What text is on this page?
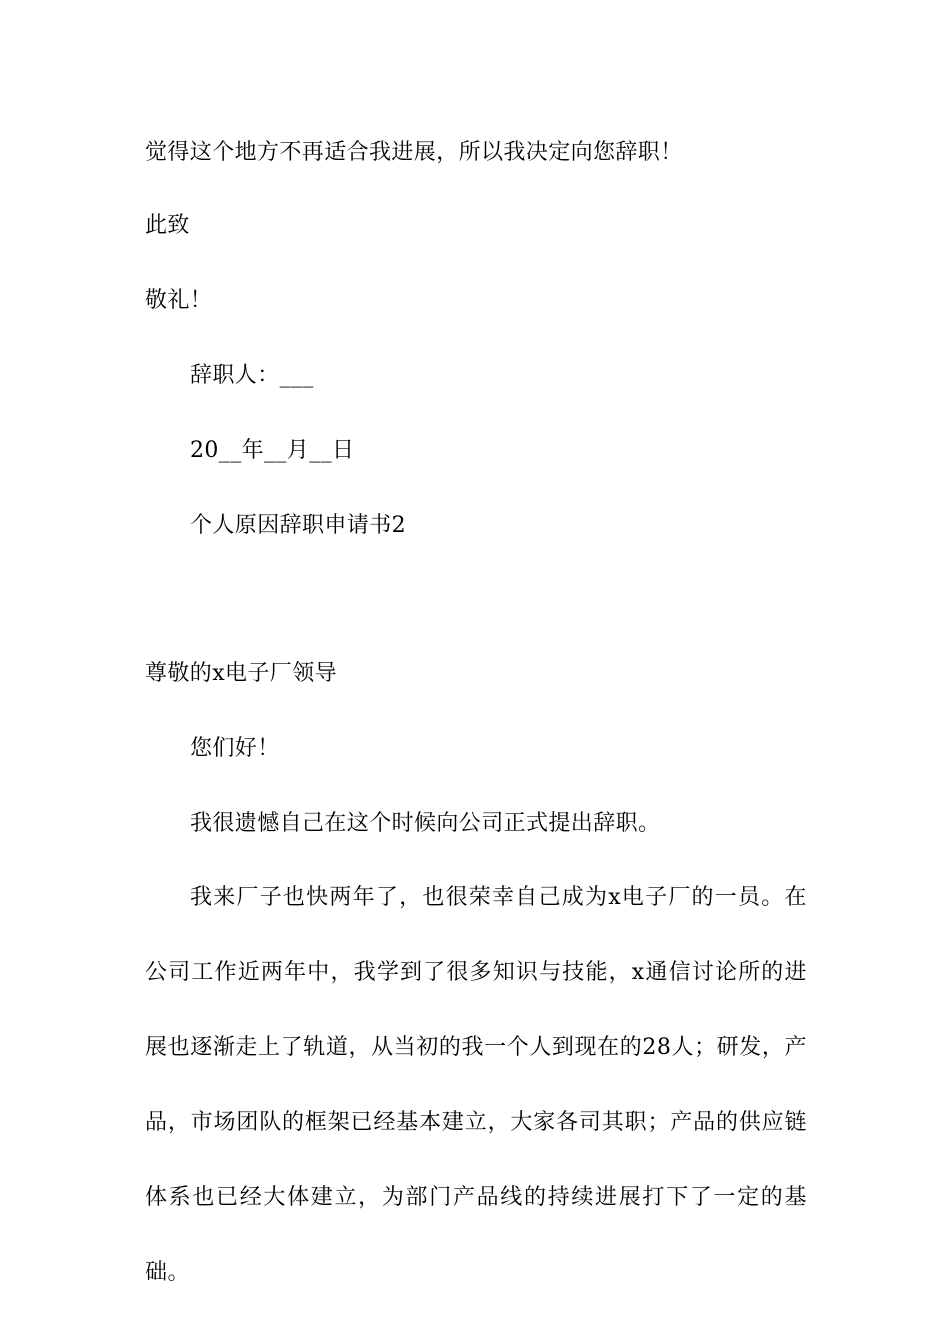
觉得这个地方不再适合我进展，所以我决定向您辞职！
此致
敬礼！
辞职人：___
20__年__月__日
个人原因辞职申请书2
尊敬的x电子厂领导
您们好！
我很遗憾自己在这个时候向公司正式提出辞职。
我来厂子也快两年了，也很荣幸自己成为x电子厂的一员。在公司工作近两年中，我学到了很多知识与技能，x通信讨论所的进展也逐渐走上了轨道，从当初的我一个人到现在的28人；研发，产品，市场团队的框架已经基本建立，大家各司其职；产品的供应链体系也已经大体建立，为部门产品线的持续进展打下了一定的基础。
